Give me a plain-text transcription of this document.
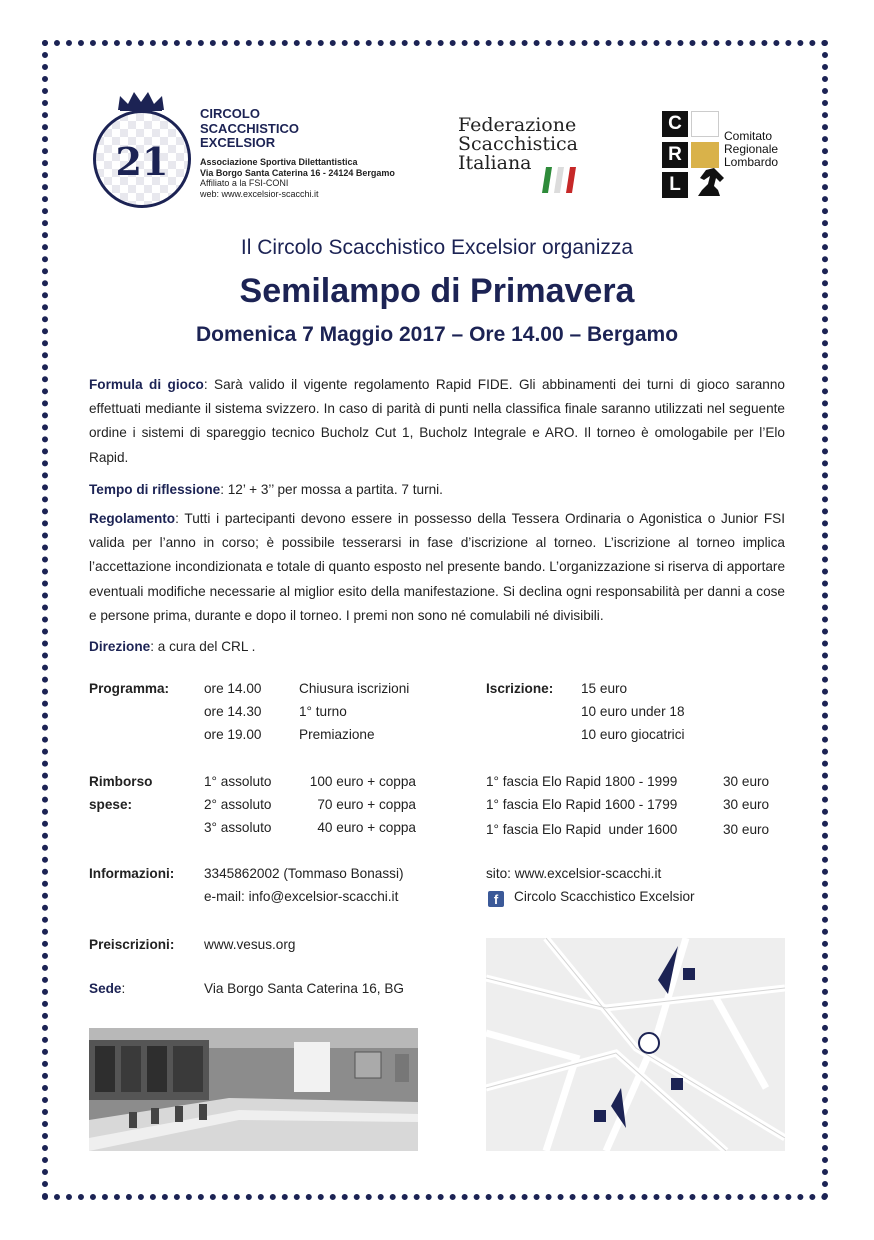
21
CIRCOLO
SCACCHISTICO
EXCELSIOR
Associazione Sportiva Dilettantistica
Via Borgo Santa Caterina 16 - 24124 Bergamo
Affiliato a la FSI-CONI
web: www.excelsior-scacchi.it
Federazione
Scacchistica
Italiana
C
R
L
Comitato
Regionale
Lombardo
Il Circolo Scacchistico Excelsior organizza
Semilampo di Primavera
Domenica 7 Maggio 2017 – Ore 14.00 – Bergamo
Formula di gioco: Sarà valido il vigente regolamento Rapid FIDE. Gli abbinamenti dei turni di gioco saranno effettuati mediante il sistema svizzero. In caso di parità di punti nella classifica finale saranno utilizzati nel seguente ordine i sistemi di spareggio tecnico Bucholz Cut 1, Bucholz Integrale e ARO. Il torneo è omologabile per l’Elo Rapid.
Tempo di riflessione: 12’ + 3’’ per mossa a partita. 7 turni.
Regolamento: Tutti i partecipanti devono essere in possesso della Tessera Ordinaria o Agonistica o Junior FSI valida per l’anno in corso; è possibile tesserarsi in fase d’iscrizione al torneo. L’iscrizione al torneo implica l’accettazione incondizionata e totale di quanto esposto nel presente bando. L’organizzazione si riserva di apportare eventuali modifiche necessarie al miglior esito della manifestazione. Si declina ogni responsabilità per danni a cose e persone prima, durante e dopo il torneo. I premi non sono né comulabili né divisibili.
Direzione: a cura del CRL .
Programma:	ore 14.00	Chiusura iscrizioni
ore 14.30	1° turno
ore 19.00	Premiazione
Iscrizione: 15 euro
10 euro under 18
10 euro giocatrici
Rimborso
spese:
1° assoluto	100 euro + coppa
2° assoluto	70 euro + coppa
3° assoluto	40 euro + coppa
1° fascia Elo Rapid 1800 - 1999	30 euro
1° fascia Elo Rapid 1600 - 1799	30 euro
1° fascia Elo Rapid  under 1600	30 euro
Informazioni: 3345862002 (Tommaso Bonassi)
e-mail: info@excelsior-scacchi.it
sito: www.excelsior-scacchi.it
f Circolo Scacchistico Excelsior
Preiscrizioni: www.vesus.org
Sede:	Via Borgo Santa Caterina 16, BG
